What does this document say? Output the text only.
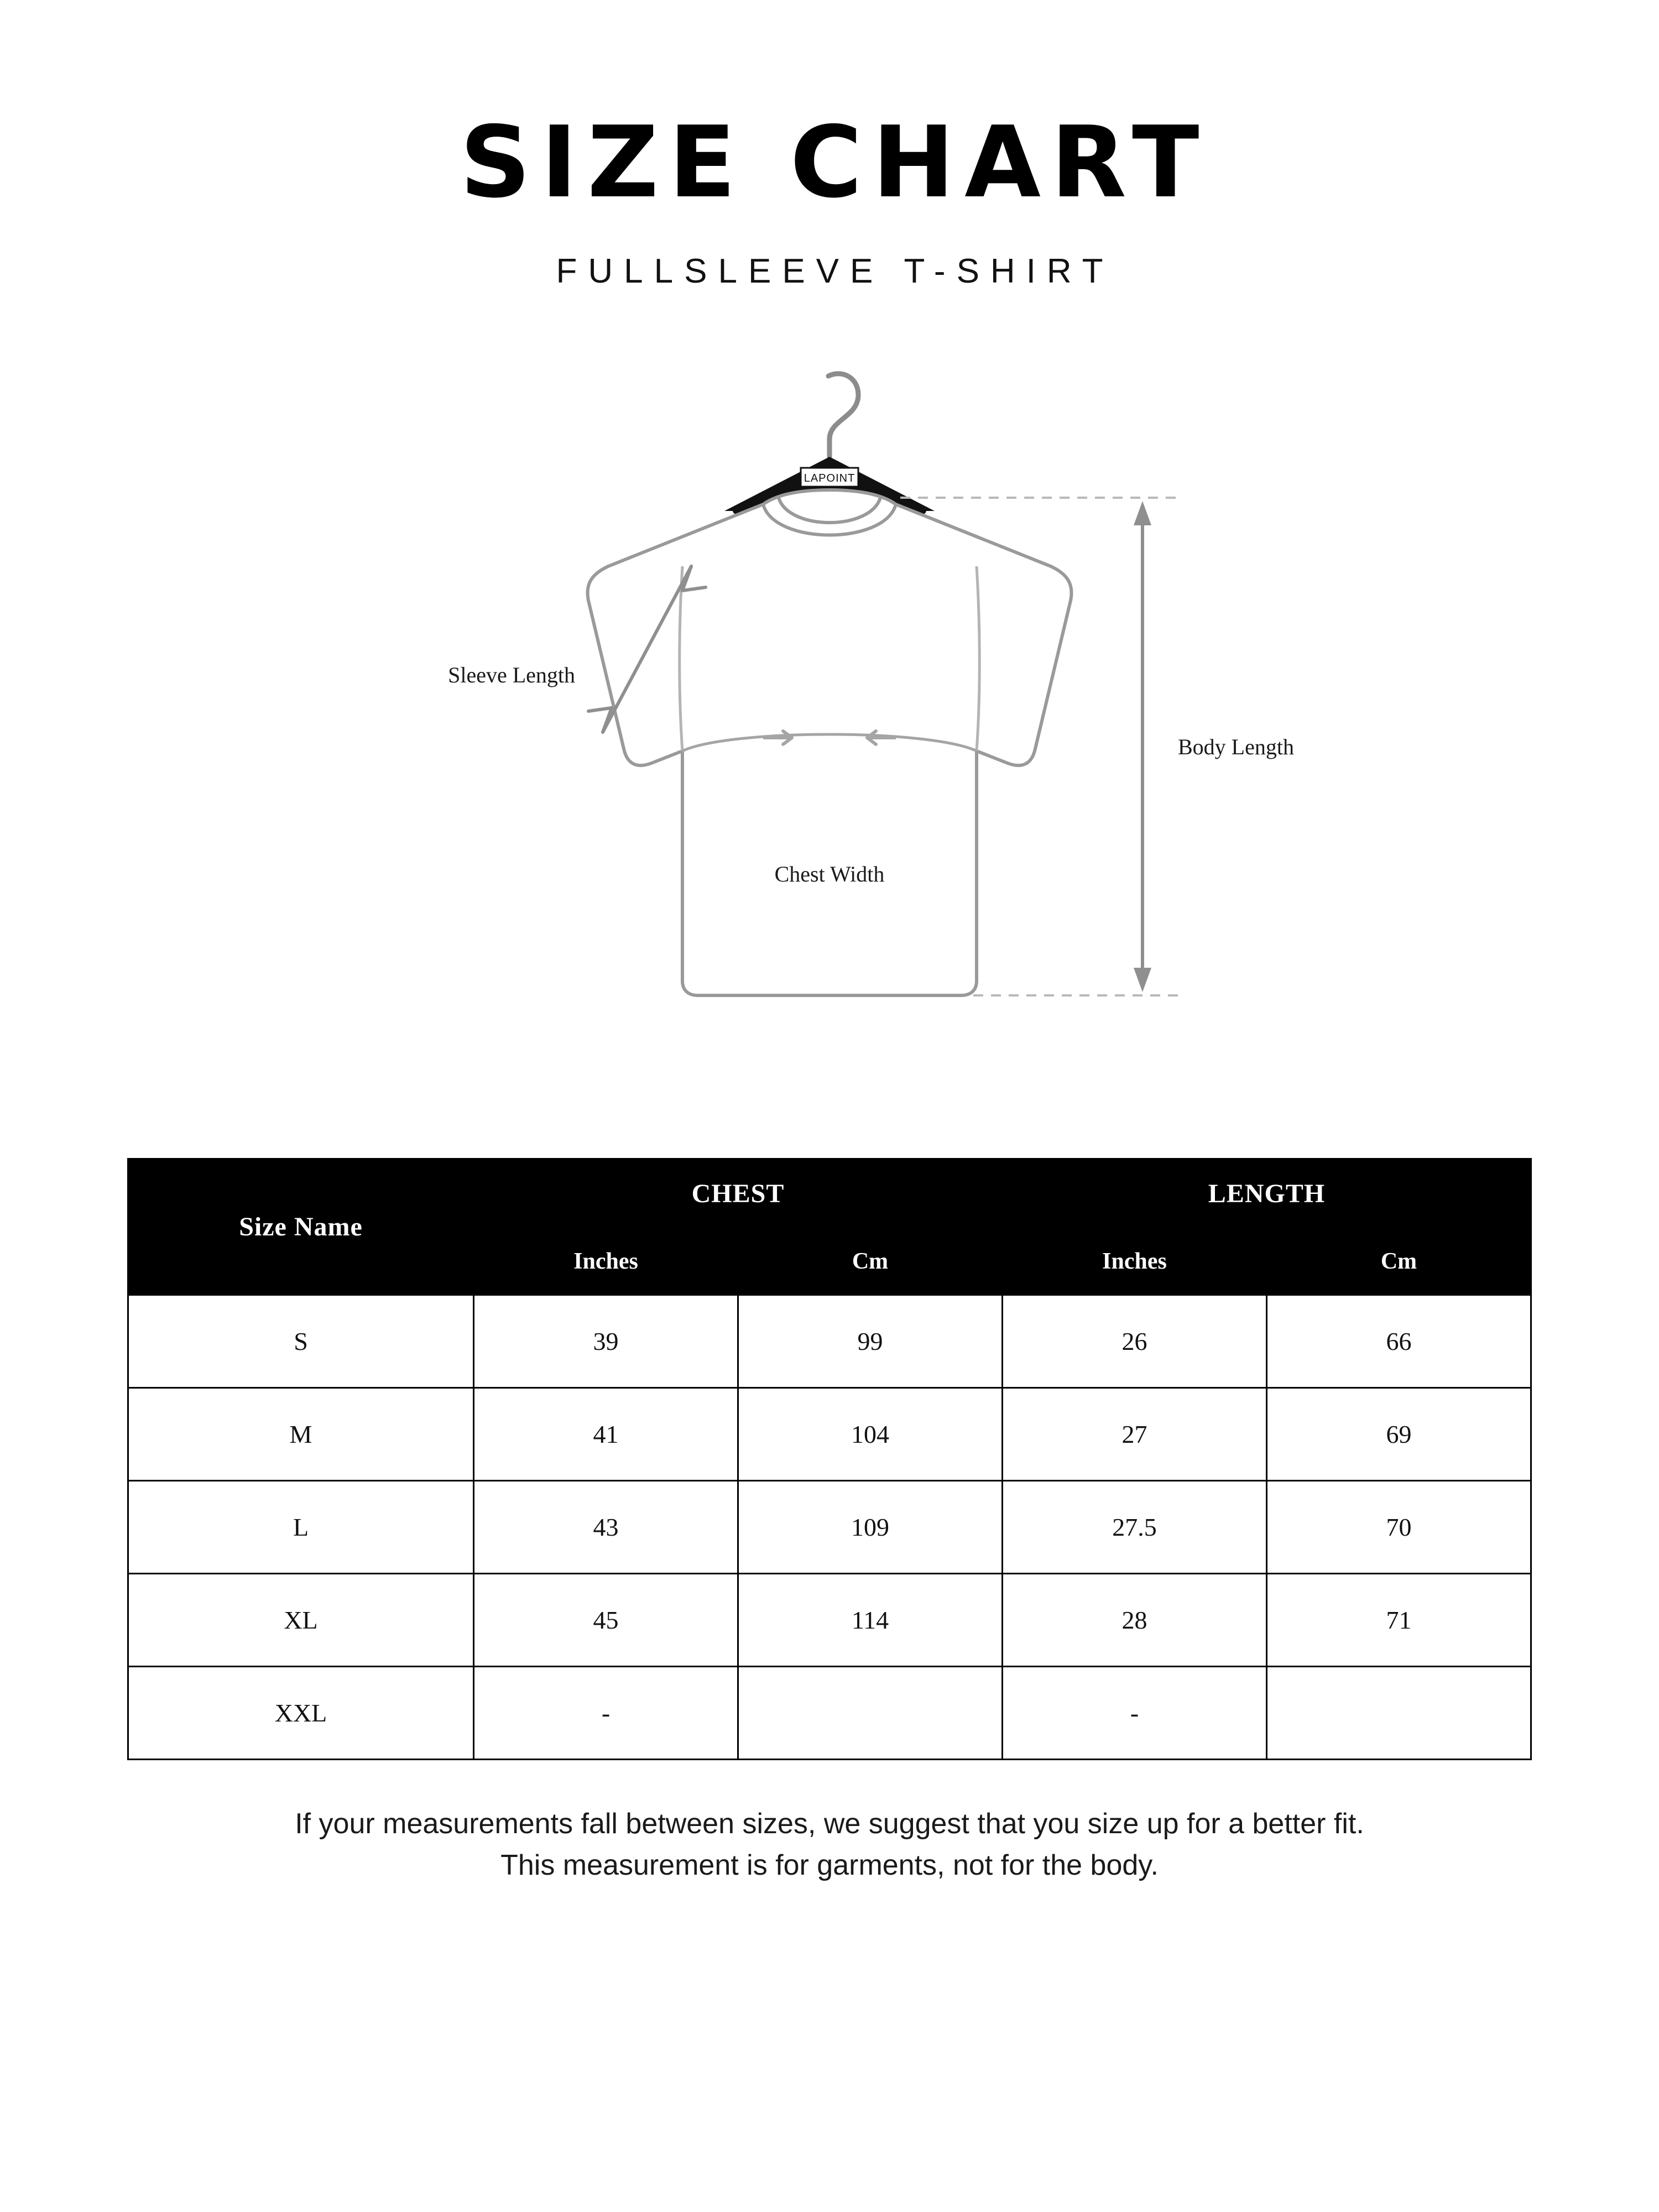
SIZE CHART

FULLSLEEVE T-SHIRT

LAPOINT
Chest Width
Sleeve Length
Body Length
Size Name	CHEST		LENGTH	
	Inches	Cm	Inches	Cm
S	39	99	26	66
M	41	104	27	69
L	43	109	27.5	70
XL	45	114	28	71
XXL	-		-	
If your measurements fall between sizes, we suggest that you size up for a better fit.
This measurement is for garments, not for the body.
